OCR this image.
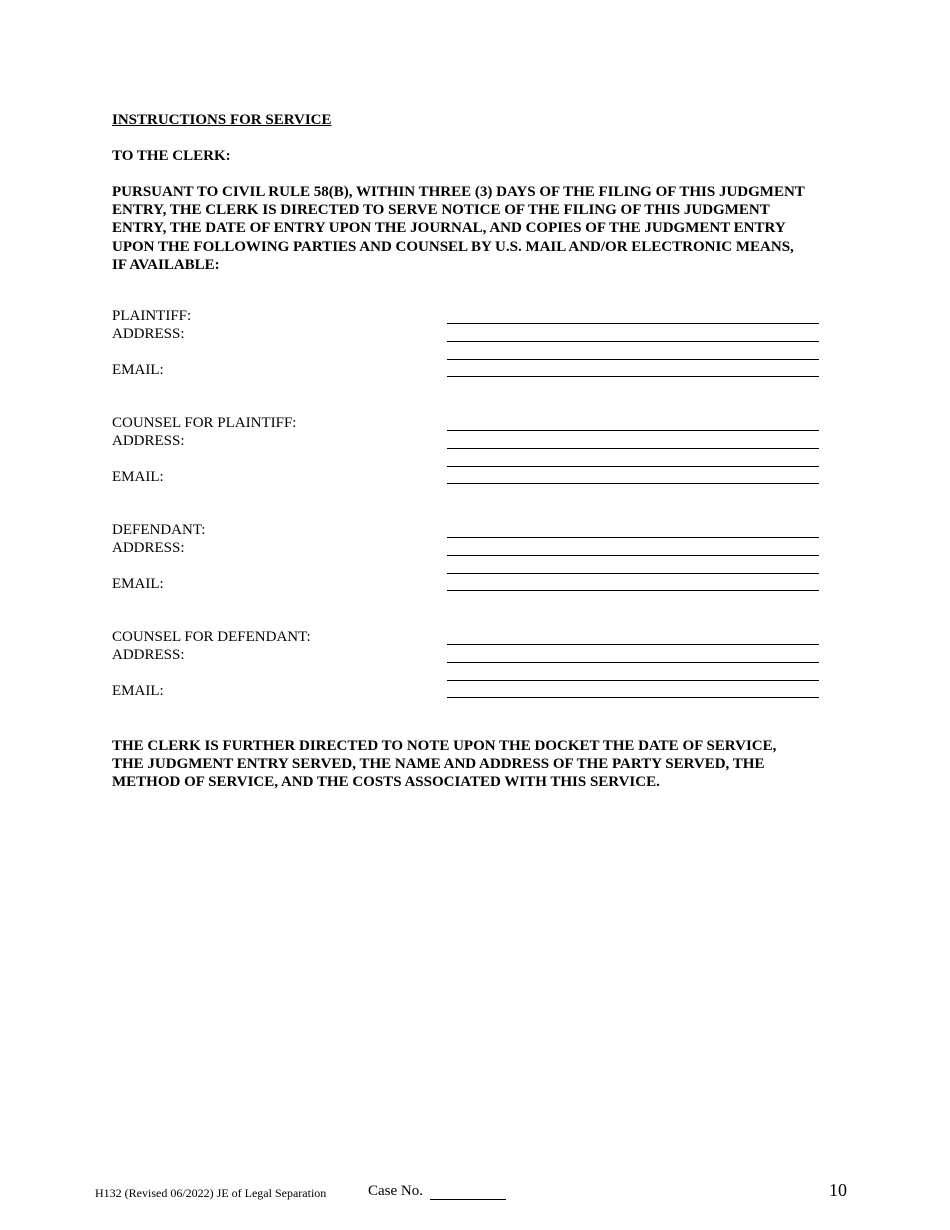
INSTRUCTIONS FOR SERVICE
TO THE CLERK:
PURSUANT TO CIVIL RULE 58(B), WITHIN THREE (3) DAYS OF THE FILING OF THIS JUDGMENT
ENTRY, THE CLERK IS DIRECTED TO SERVE NOTICE OF THE FILING OF THIS JUDGMENT
ENTRY, THE DATE OF ENTRY UPON THE JOURNAL, AND COPIES OF THE JUDGMENT ENTRY
UPON THE FOLLOWING PARTIES AND COUNSEL BY U.S. MAIL AND/OR ELECTRONIC MEANS,
IF AVAILABLE:
PLAINTIFF:
ADDRESS:
EMAIL:
COUNSEL FOR PLAINTIFF:
ADDRESS:
EMAIL:
DEFENDANT:
ADDRESS:
EMAIL:
COUNSEL FOR DEFENDANT:
ADDRESS:
EMAIL:
THE CLERK IS FURTHER DIRECTED TO NOTE UPON THE DOCKET THE DATE OF SERVICE,
THE JUDGMENT ENTRY SERVED, THE NAME AND ADDRESS OF THE PARTY SERVED, THE
METHOD OF SERVICE, AND THE COSTS ASSOCIATED WITH THIS SERVICE.
H132 (Revised 06/2022) JE of Legal Separation	Case No.	10
